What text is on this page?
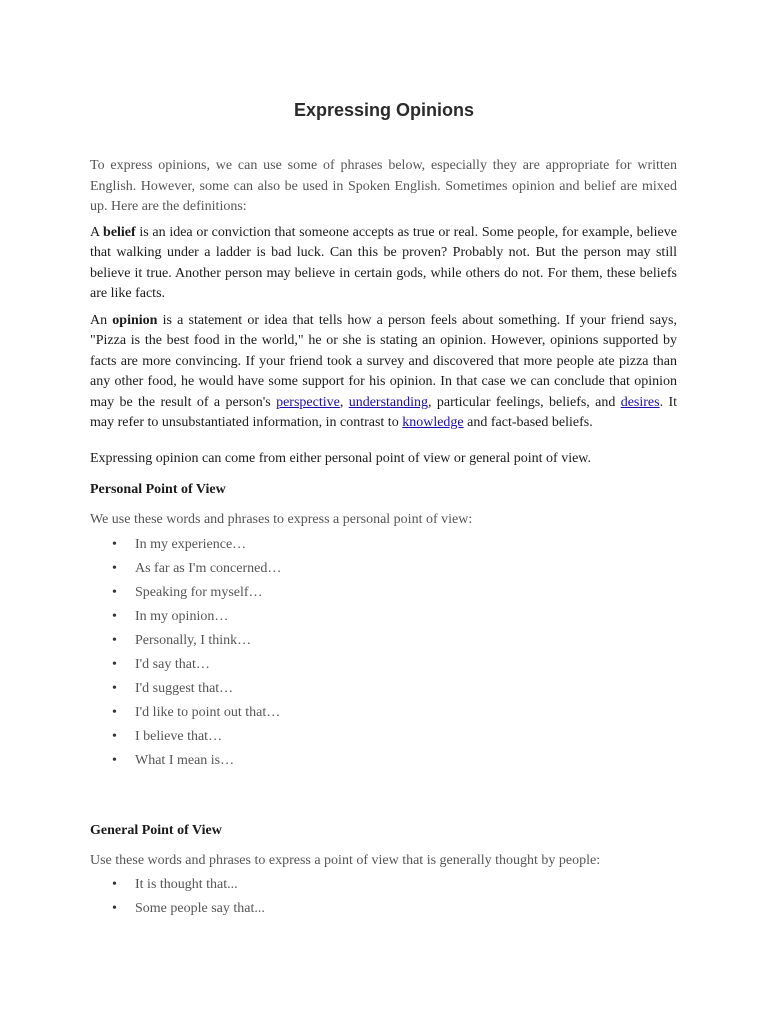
Expressing Opinions

To express opinions, we can use some of phrases below, especially they are appropriate for written English. However, some can also be used in Spoken English. Sometimes opinion and belief are mixed up. Here are the definitions:

A belief is an idea or conviction that someone accepts as true or real. Some people, for example, believe that walking under a ladder is bad luck. Can this be proven? Probably not. But the person may still believe it true. Another person may believe in certain gods, while others do not. For them, these beliefs are like facts.

An opinion is a statement or idea that tells how a person feels about something. If your friend says, "Pizza is the best food in the world," he or she is stating an opinion. However, opinions supported by facts are more convincing. If your friend took a survey and discovered that more people ate pizza than any other food, he would have some support for his opinion. In that case we can conclude that opinion may be the result of a person's perspective, understanding, particular feelings, beliefs, and desires. It may refer to unsubstantiated information, in contrast to knowledge and fact-based beliefs.

Expressing opinion can come from either personal point of view or general point of view.

Personal Point of View

We use these words and phrases to express a personal point of view:

• In my experience…
• As far as I'm concerned…
• Speaking for myself…
• In my opinion…
• Personally, I think…
• I'd say that…
• I'd suggest that…
• I'd like to point out that…
• I believe that…
• What I mean is…
General Point of View

Use these words and phrases to express a point of view that is generally thought by people:

• It is thought that...
• Some people say that...
